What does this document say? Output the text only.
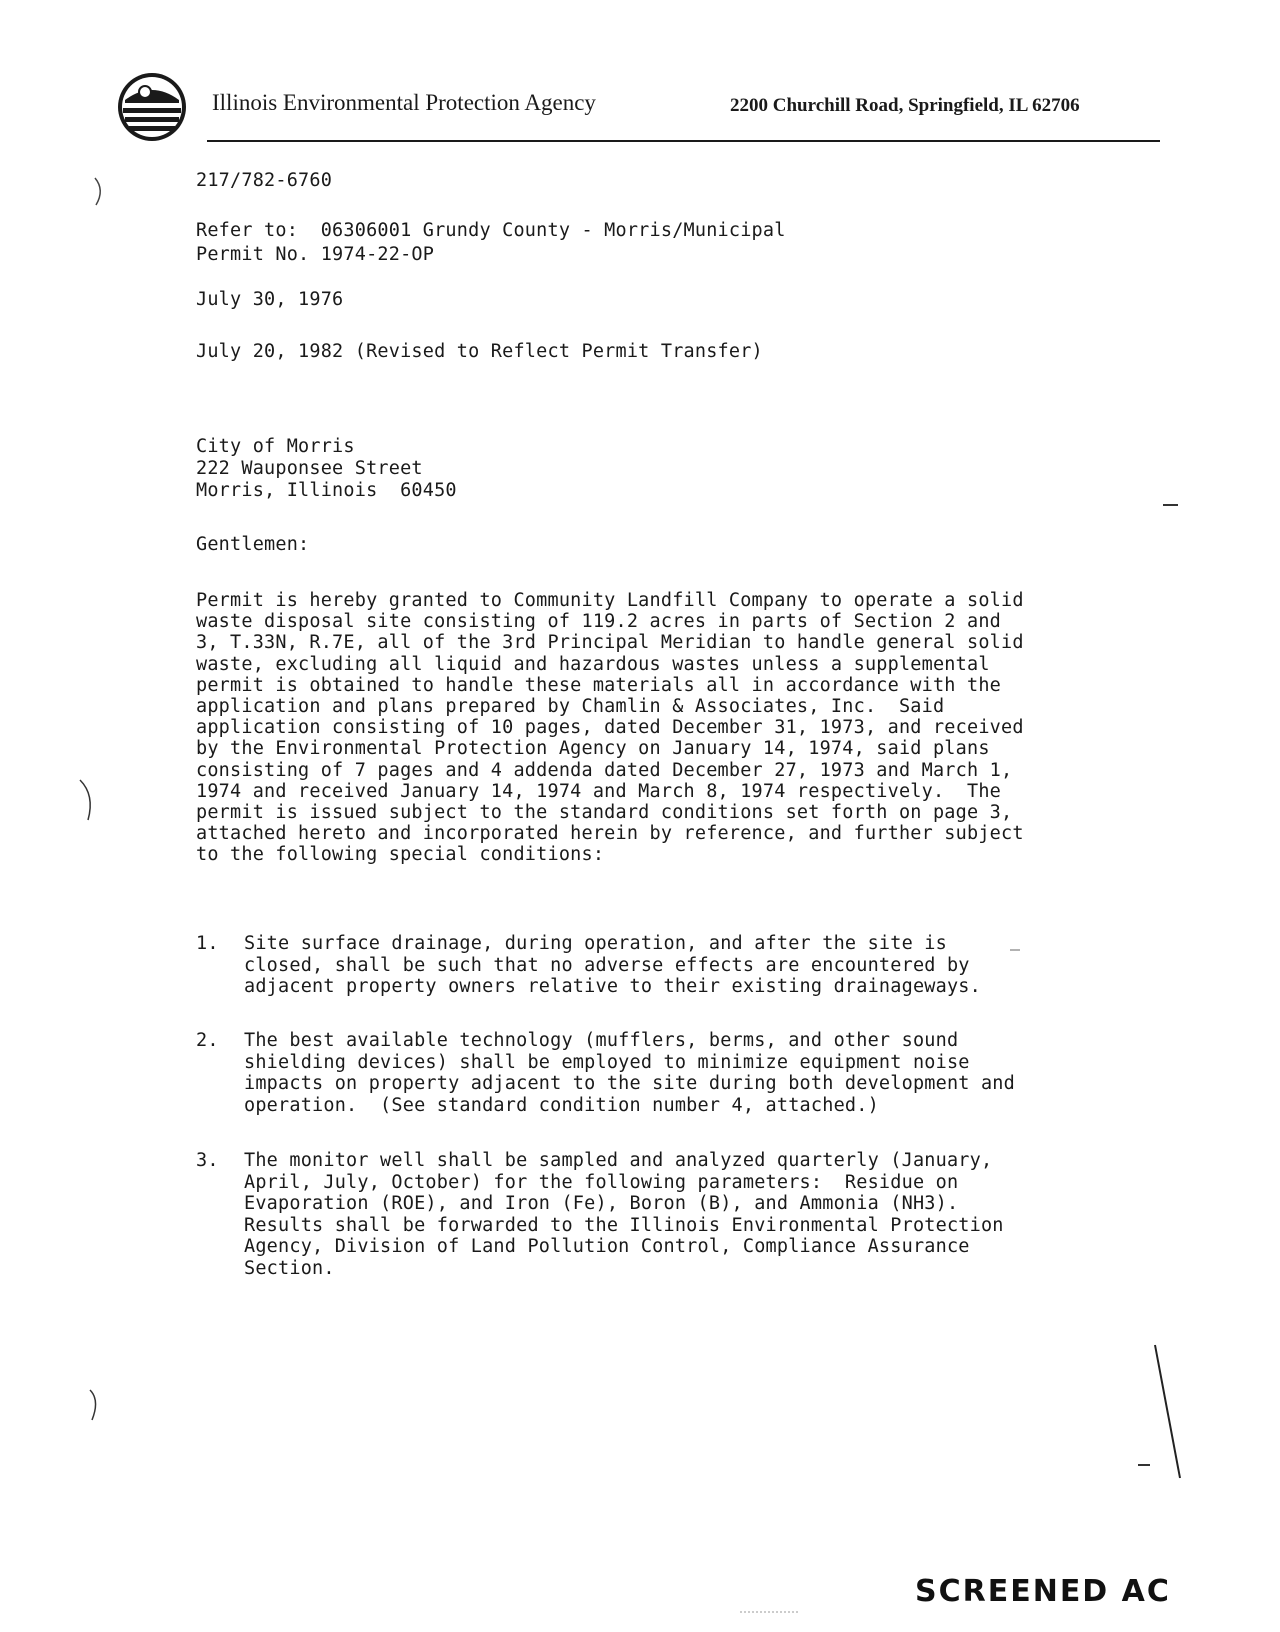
Illinois Environmental Protection Agency	2200 Churchill Road, Springfield, IL 62706
217/782-6760
Refer to:  06306001 Grundy County - Morris/Municipal
Permit No. 1974-22-OP
July 30, 1976
July 20, 1982 (Revised to Reflect Permit Transfer)
City of Morris
222 Wauponsee Street
Morris, Illinois  60450
Gentlemen:
Permit is hereby granted to Community Landfill Company to operate a solid
waste disposal site consisting of 119.2 acres in parts of Section 2 and
3, T.33N, R.7E, all of the 3rd Principal Meridian to handle general solid
waste, excluding all liquid and hazardous wastes unless a supplemental
permit is obtained to handle these materials all in accordance with the
application and plans prepared by Chamlin & Associates, Inc.  Said
application consisting of 10 pages, dated December 31, 1973, and received
by the Environmental Protection Agency on January 14, 1974, said plans
consisting of 7 pages and 4 addenda dated December 27, 1973 and March 1,
1974 and received January 14, 1974 and March 8, 1974 respectively.  The
permit is issued subject to the standard conditions set forth on page 3,
attached hereto and incorporated herein by reference, and further subject
to the following special conditions:
1. Site surface drainage, during operation, and after the site is
closed, shall be such that no adverse effects are encountered by
adjacent property owners relative to their existing drainageways.
2. The best available technology (mufflers, berms, and other sound
shielding devices) shall be employed to minimize equipment noise
impacts on property adjacent to the site during both development and
operation.  (See standard condition number 4, attached.)
3. The monitor well shall be sampled and analyzed quarterly (January,
April, July, October) for the following parameters:  Residue on
Evaporation (ROE), and Iron (Fe), Boron (B), and Ammonia (NH3).
Results shall be forwarded to the Illinois Environmental Protection
Agency, Division of Land Pollution Control, Compliance Assurance
Section.
SCREENED AC
